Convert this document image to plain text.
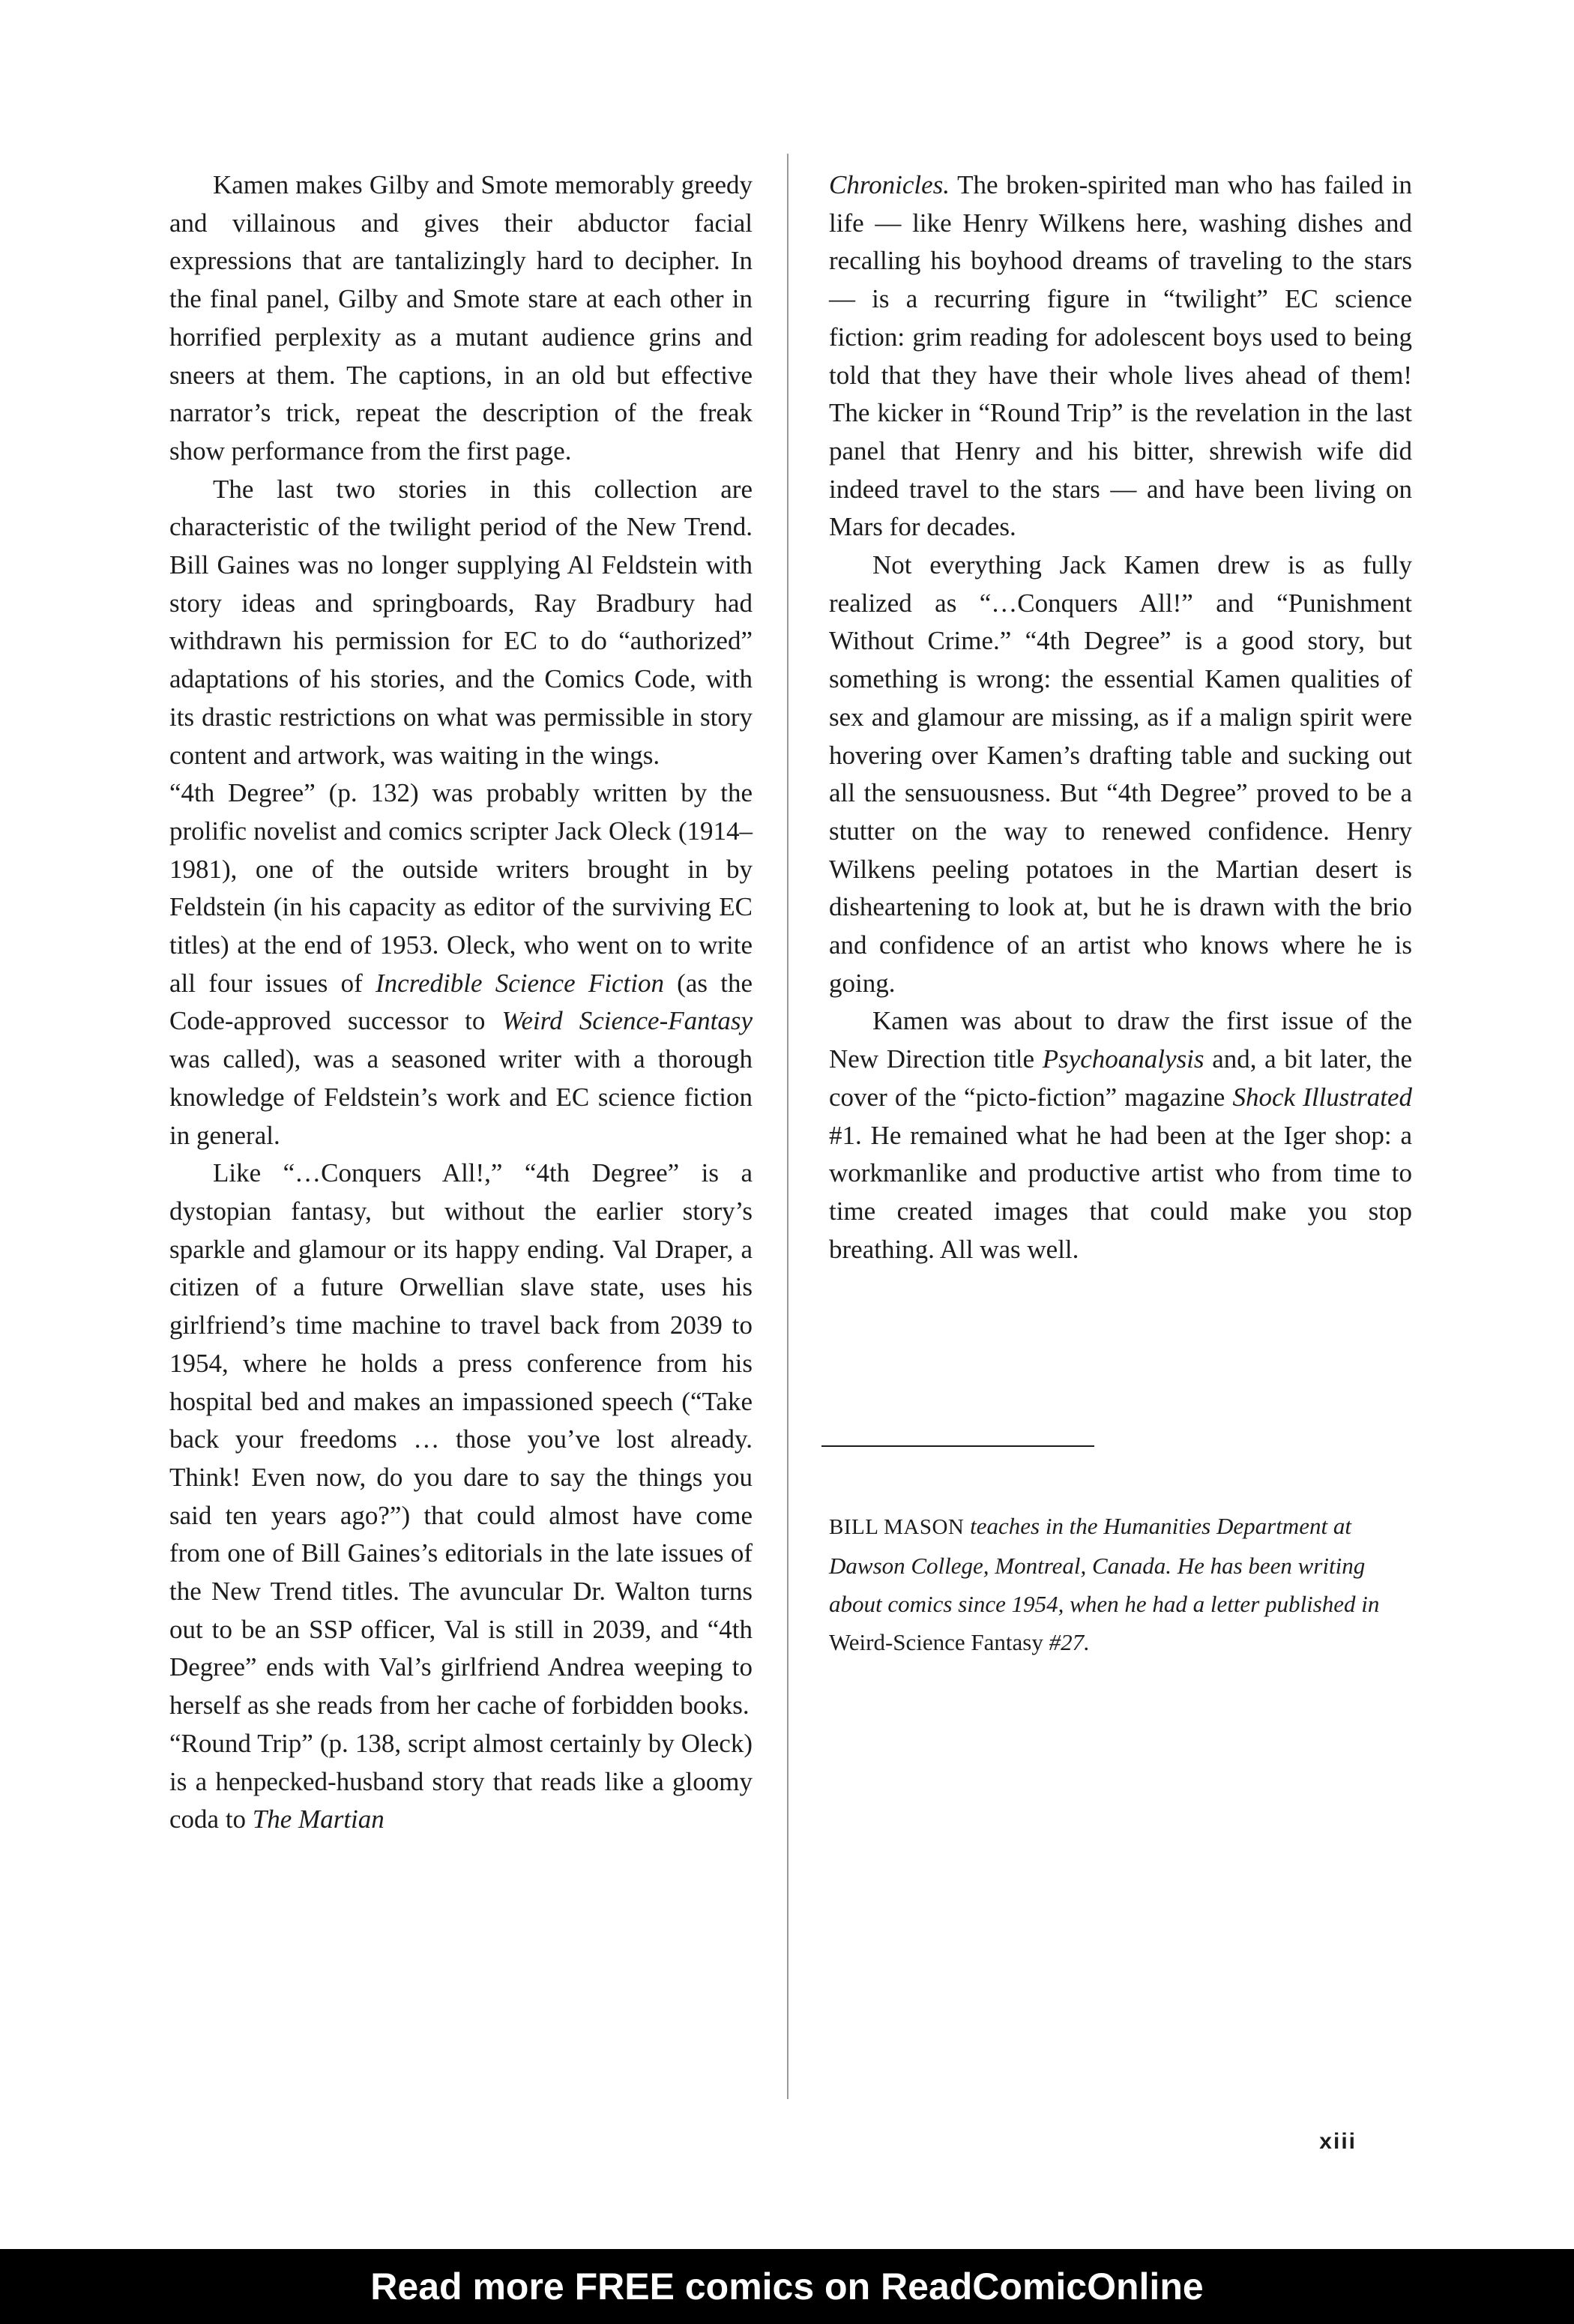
Kamen makes Gilby and Smote memorably greedy and villainous and gives their abductor facial expressions that are tantalizingly hard to decipher. In the final panel, Gilby and Smote stare at each other in horrified perplexity as a mutant audience grins and sneers at them. The captions, in an old but effective narrator’s trick, repeat the description of the freak show performance from the first page.

The last two stories in this collection are characteristic of the twilight period of the New Trend. Bill Gaines was no longer supplying Al Feldstein with story ideas and springboards, Ray Bradbury had withdrawn his permission for EC to do “authorized” adaptations of his stories, and the Comics Code, with its drastic restrictions on what was permissible in story content and artwork, was waiting in the wings.

“4th Degree” (p. 132) was probably written by the prolific novelist and comics scripter Jack Oleck (1914–1981), one of the outside writers brought in by Feldstein (in his capacity as editor of the surviving EC titles) at the end of 1953. Oleck, who went on to write all four issues of Incredible Science Fiction (as the Code-approved successor to Weird Science-Fantasy was called), was a seasoned writer with a thorough knowledge of Feldstein’s work and EC science fiction in general.

Like “…Conquers All!,” “4th Degree” is a dystopian fantasy, but without the earlier story’s sparkle and glamour or its happy ending. Val Draper, a citizen of a future Orwellian slave state, uses his girlfriend’s time machine to travel back from 2039 to 1954, where he holds a press conference from his hospital bed and makes an impassioned speech (“Take back your freedoms … those you’ve lost already. Think! Even now, do you dare to say the things you said ten years ago?”) that could almost have come from one of Bill Gaines’s editorials in the late issues of the New Trend titles. The avuncular Dr. Walton turns out to be an SSP officer, Val is still in 2039, and “4th Degree” ends with Val’s girlfriend Andrea weeping to herself as she reads from her cache of forbidden books.

“Round Trip” (p. 138, script almost certainly by Oleck) is a henpecked-husband story that reads like a gloomy coda to The Martian

Chronicles. The broken-spirited man who has failed in life — like Henry Wilkens here, washing dishes and recalling his boyhood dreams of traveling to the stars — is a recurring figure in “twilight” EC science fiction: grim reading for adolescent boys used to being told that they have their whole lives ahead of them! The kicker in “Round Trip” is the revelation in the last panel that Henry and his bitter, shrewish wife did indeed travel to the stars — and have been living on Mars for decades.

Not everything Jack Kamen drew is as fully realized as “…Conquers All!” and “Punishment Without Crime.” “4th Degree” is a good story, but something is wrong: the essential Kamen qualities of sex and glamour are missing, as if a malign spirit were hovering over Kamen’s drafting table and sucking out all the sensuousness. But “4th Degree” proved to be a stutter on the way to renewed confidence. Henry Wilkens peeling potatoes in the Martian desert is disheartening to look at, but he is drawn with the brio and confidence of an artist who knows where he is going.

Kamen was about to draw the first issue of the New Direction title Psychoanalysis and, a bit later, the cover of the “picto-fiction” magazine Shock Illustrated #1. He remained what he had been at the Iger shop: a workmanlike and productive artist who from time to time created images that could make you stop breathing. All was well.

BILL MASON teaches in the Humanities Department at Dawson College, Montreal, Canada. He has been writing about comics since 1954, when he had a letter published in Weird-Science Fantasy #27.

xiii
Read more FREE comics on ReadComicOnline
